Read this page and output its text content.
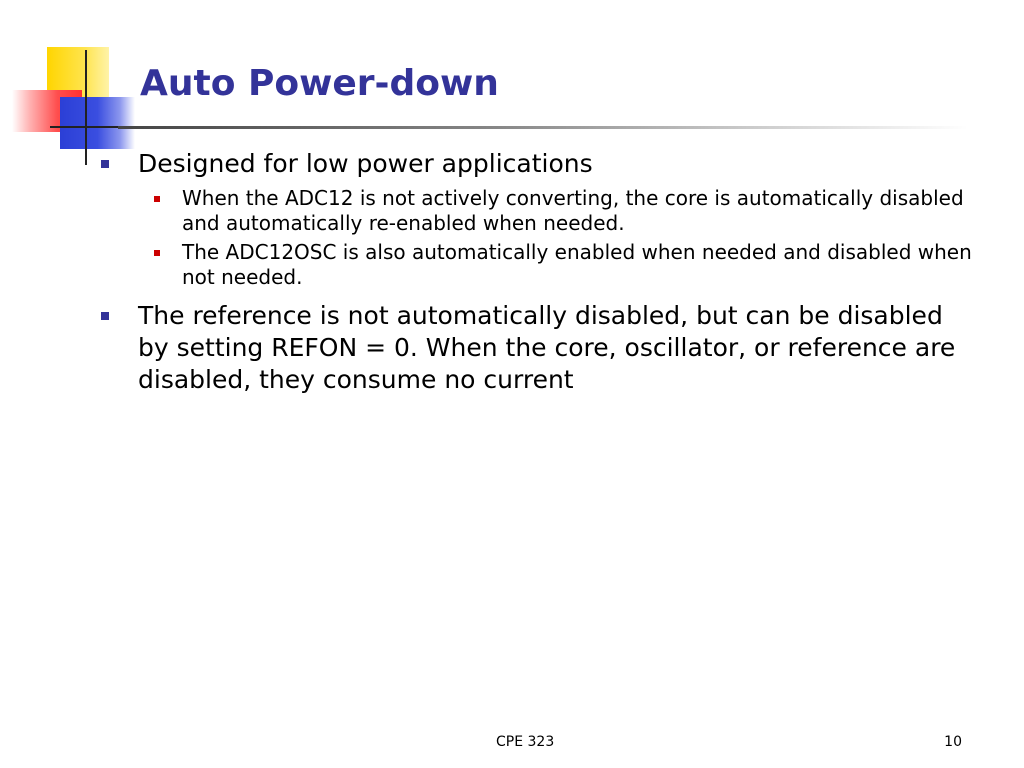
Auto Power-down
Designed for low power applications
When the ADC12 is not actively converting, the core is automatically disabled and automatically re-enabled when needed.
The ADC12OSC is also automatically enabled when needed and disabled when not needed.
The reference is not automatically disabled, but can be disabled by setting REFON = 0. When the core, oscillator, or reference are disabled, they consume no current
CPE 323	10
